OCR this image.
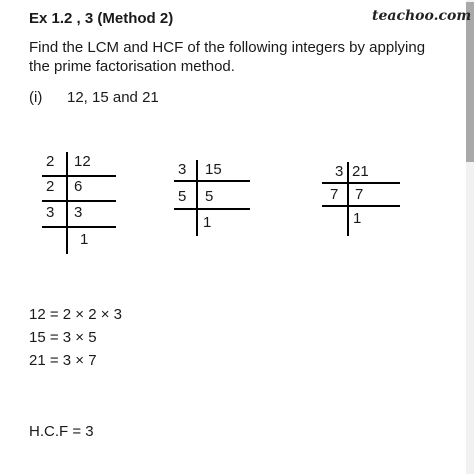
Ex 1.2 , 3 (Method 2)	teachoo.com
Find the LCM and HCF of the following integers by applying the prime factorisation method.
(i) 12, 15 and 21
2 12
2 6
3 3
1
3 15
5 5
1
3 21
7 7
1
12 = 2 × 2 × 3
15 = 3 × 5
21 = 3 × 7
H.C.F = 3
